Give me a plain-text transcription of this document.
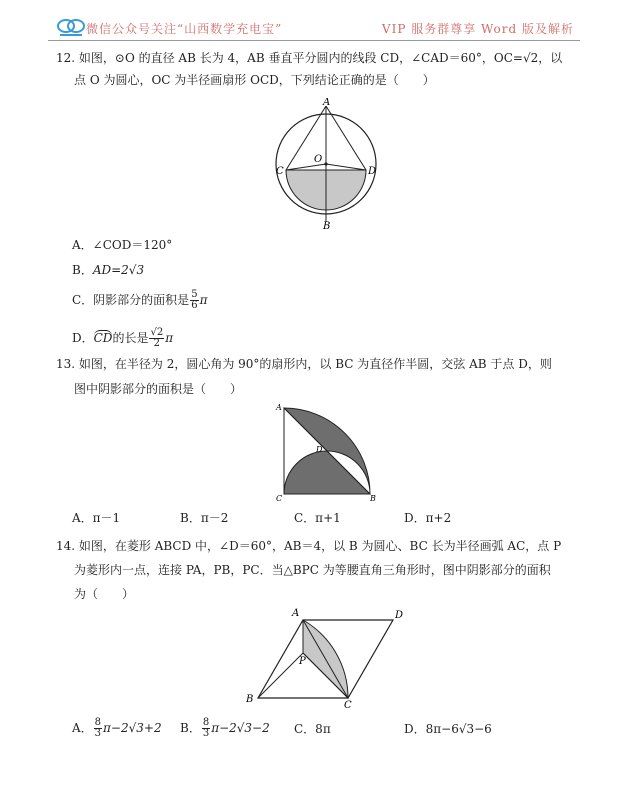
微信公众号关注“山西数学充电宝”	VIP 服务群尊享 Word 版及解析
12. 如图，⊙O 的直径 AB 长为 4，AB 垂直平分圆内的线段 CD，∠CAD＝60°，OC=√2，以
点 O 为圆心，OC 为半径画扇形 OCD，下列结论正确的是（　　）
A
B
C	D
O
A．∠COD＝120°
B．AD=2√3
C．阴影部分的面积是 $\frac{5}{6}$ π
D．CD的长是 $\frac{√2}{2}$ π
13. 如图，在半径为 2，圆心角为 90°的扇形内，以 BC 为直径作半圆，交弦 AB 于点 D，则
图中阴影部分的面积是（　　）
A
C	B
D
A．π－1	B．π－2	C．π+1	D．π+2
14. 如图，在菱形 ABCD 中，∠D＝60°，AB＝4，以 B 为圆心、BC 长为半径画弧 AC，点 P
为菱形内一点，连接 PA，PB，PC．当△BPC 为等腰直角三角形时，图中阴影部分的面积
为（　　）
A	D
B
C
P
A． $\frac{8}{3} \pi-2√3+2$ B． $\frac{8}{3} \pi-2√3-2$ C．8π	D．8π−6√3−6
